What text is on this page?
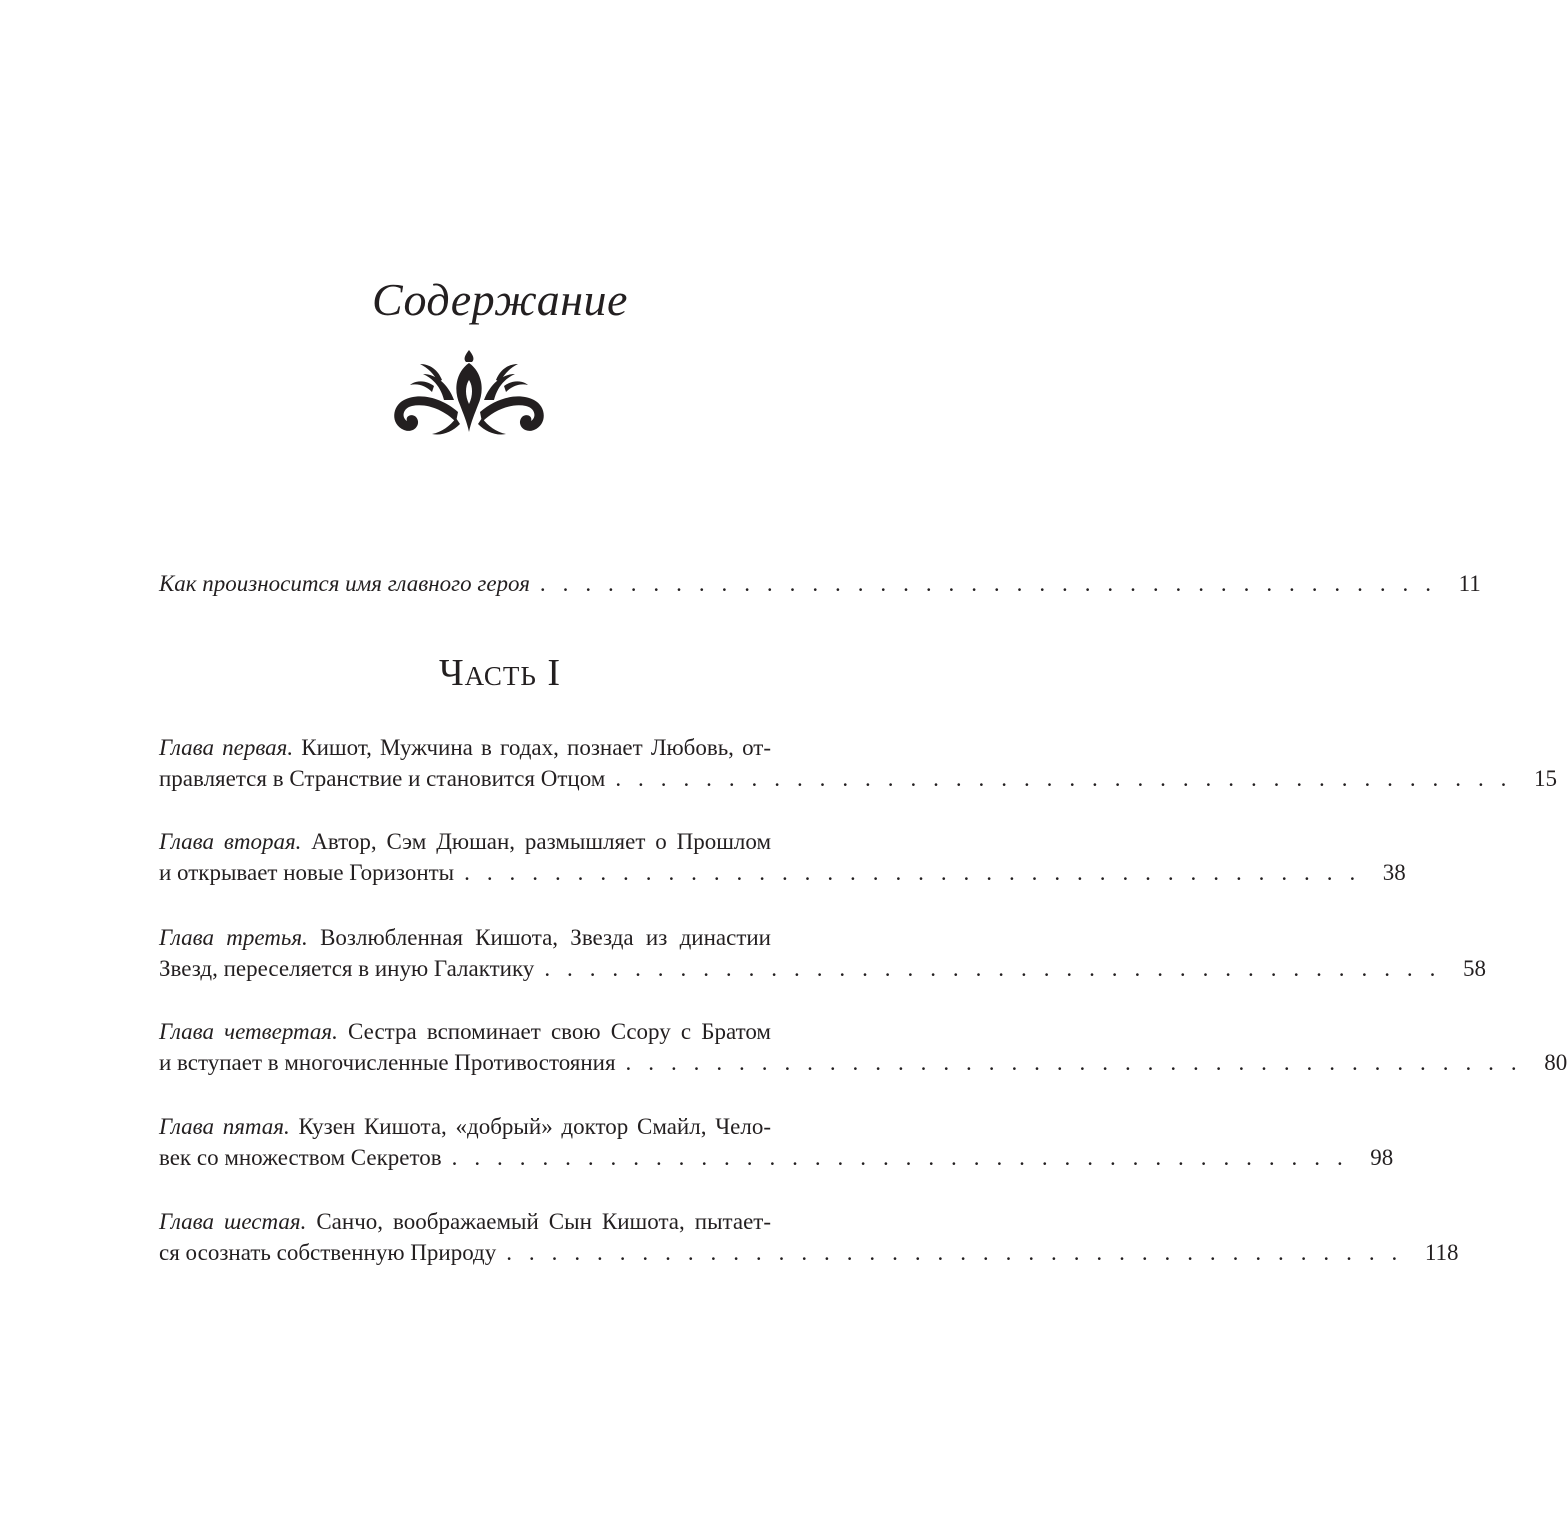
Содержание
Как произносится имя главного героя . . . . . . . . . . . . . . . . . . . . . . . . . . . . . . . . . . . . . . . . 11
Часть I
Глава первая. Кишот, Мужчина в годах, познает Любовь, от-
правляется в Странствие и становится Отцом . . . . . . . . . . . . . . . . . . . . . . . . . . . . . . . . . . . . . . . . 15
Глава вторая. Автор, Сэм Дюшан, размышляет о Прошлом
и открывает новые Горизонты . . . . . . . . . . . . . . . . . . . . . . . . . . . . . . . . . . . . . . . . 38
Глава третья. Возлюбленная Кишота, Звезда из династии
Звезд, переселяется в иную Галактику . . . . . . . . . . . . . . . . . . . . . . . . . . . . . . . . . . . . . . . . 58
Глава четвертая. Сестра вспоминает свою Ссору с Братом
и вступает в многочисленные Противостояния . . . . . . . . . . . . . . . . . . . . . . . . . . . . . . . . . . . . . . . . 80
Глава пятая. Кузен Кишота, «добрый» доктор Смайл, Чело-
век со множеством Секретов . . . . . . . . . . . . . . . . . . . . . . . . . . . . . . . . . . . . . . . . 98
Глава шестая. Санчо, воображаемый Сын Кишота, пытает-
ся осознать собственную Природу . . . . . . . . . . . . . . . . . . . . . . . . . . . . . . . . . . . . . . . . 118
